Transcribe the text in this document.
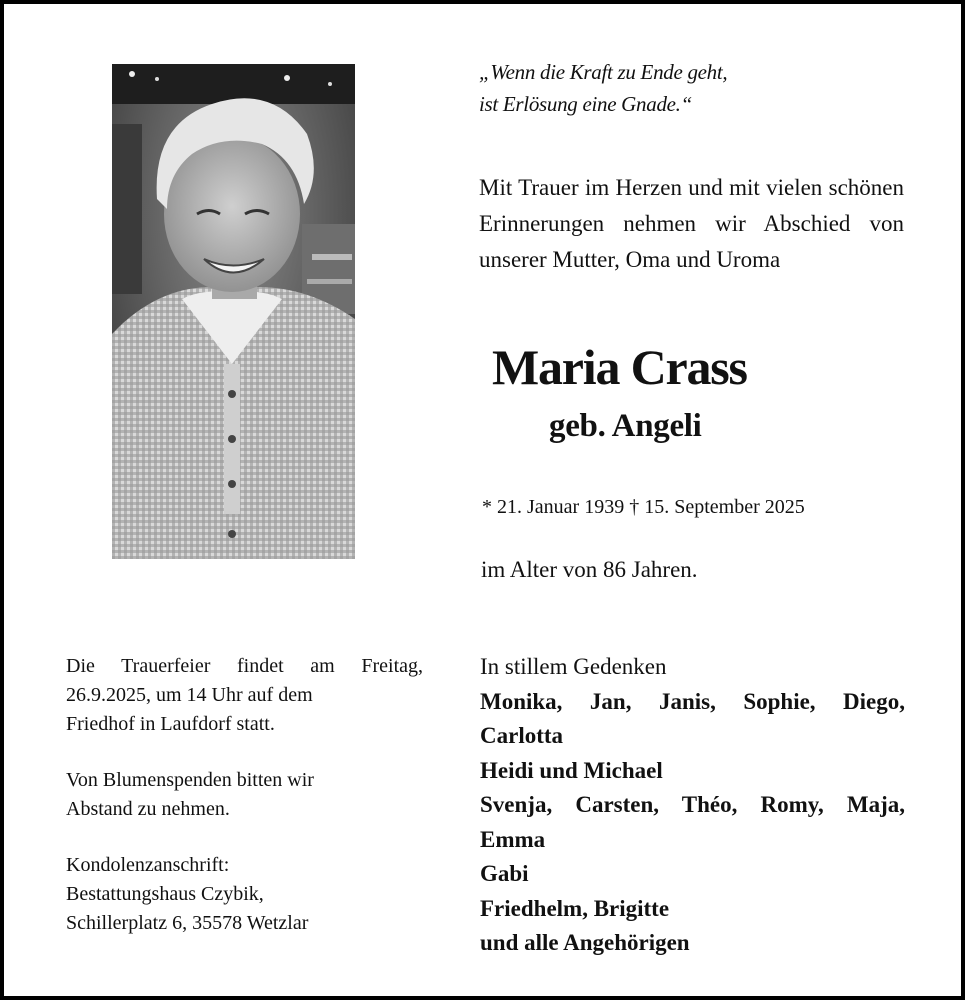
„Wenn die Kraft zu Ende geht,
ist Erlösung eine Gnade.“
Mit Trauer im Herzen und mit vielen schönen Erinnerungen nehmen wir Abschied von unserer Mutter, Oma und Uroma
Maria Crass
geb. Angeli
* 21. Januar 1939 † 15. September 2025
im Alter von 86 Jahren.

Die Trauerfeier findet am Freitag,
26.9.2025, um 14 Uhr auf dem
Friedhof in Laufdorf statt.

Von Blumenspenden bitten wir
Abstand zu nehmen.

Kondolenzanschrift:
Bestattungshaus Czybik,
Schillerplatz 6, 35578 Wetzlar

In stillem Gedenken
Monika, Jan, Janis, Sophie, Diego,
Carlotta
Heidi und Michael
Svenja, Carsten, Théo, Romy, Maja,
Emma
Gabi
Friedhelm, Brigitte
und alle Angehörigen
